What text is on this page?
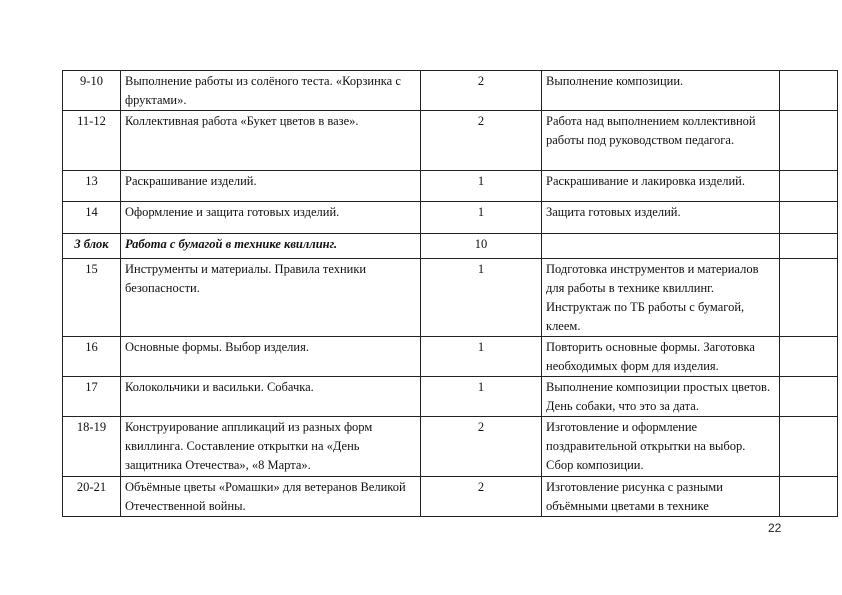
9-10	Выполнение работы из солёного теста. «Корзинка с фруктами».	2	Выполнение композиции.	
11-12	Коллективная работа «Букет цветов в вазе».	2	Работа над выполнением коллективной работы под руководством педагога.	
13	Раскрашивание изделий.	1	Раскрашивание и лакировка изделий.	
14	Оформление и защита готовых изделий.	1	Защита готовых изделий.	
3 блок	Работа с бумагой в технике квиллинг.	10		
15	Инструменты и материалы. Правила техники безопасности.	1	Подготовка инструментов и материалов для работы в технике квиллинг. Инструктаж по ТБ работы с бумагой, клеем.	
16	Основные формы. Выбор изделия.	1	Повторить основные формы. Заготовка необходимых форм для изделия.	
17	Колокольчики и васильки. Собачка.	1	Выполнение композиции простых цветов. День собаки, что это за дата.	
18-19	Конструирование аппликаций из разных форм квиллинга. Составление открытки на «День защитника Отечества», «8 Марта».	2	Изготовление и оформление поздравительной открытки на выбор. Сбор композиции.	
20-21	Объёмные цветы «Ромашки» для ветеранов Великой Отечественной войны.	2	Изготовление рисунка с разными объёмными цветами в технике	
22
